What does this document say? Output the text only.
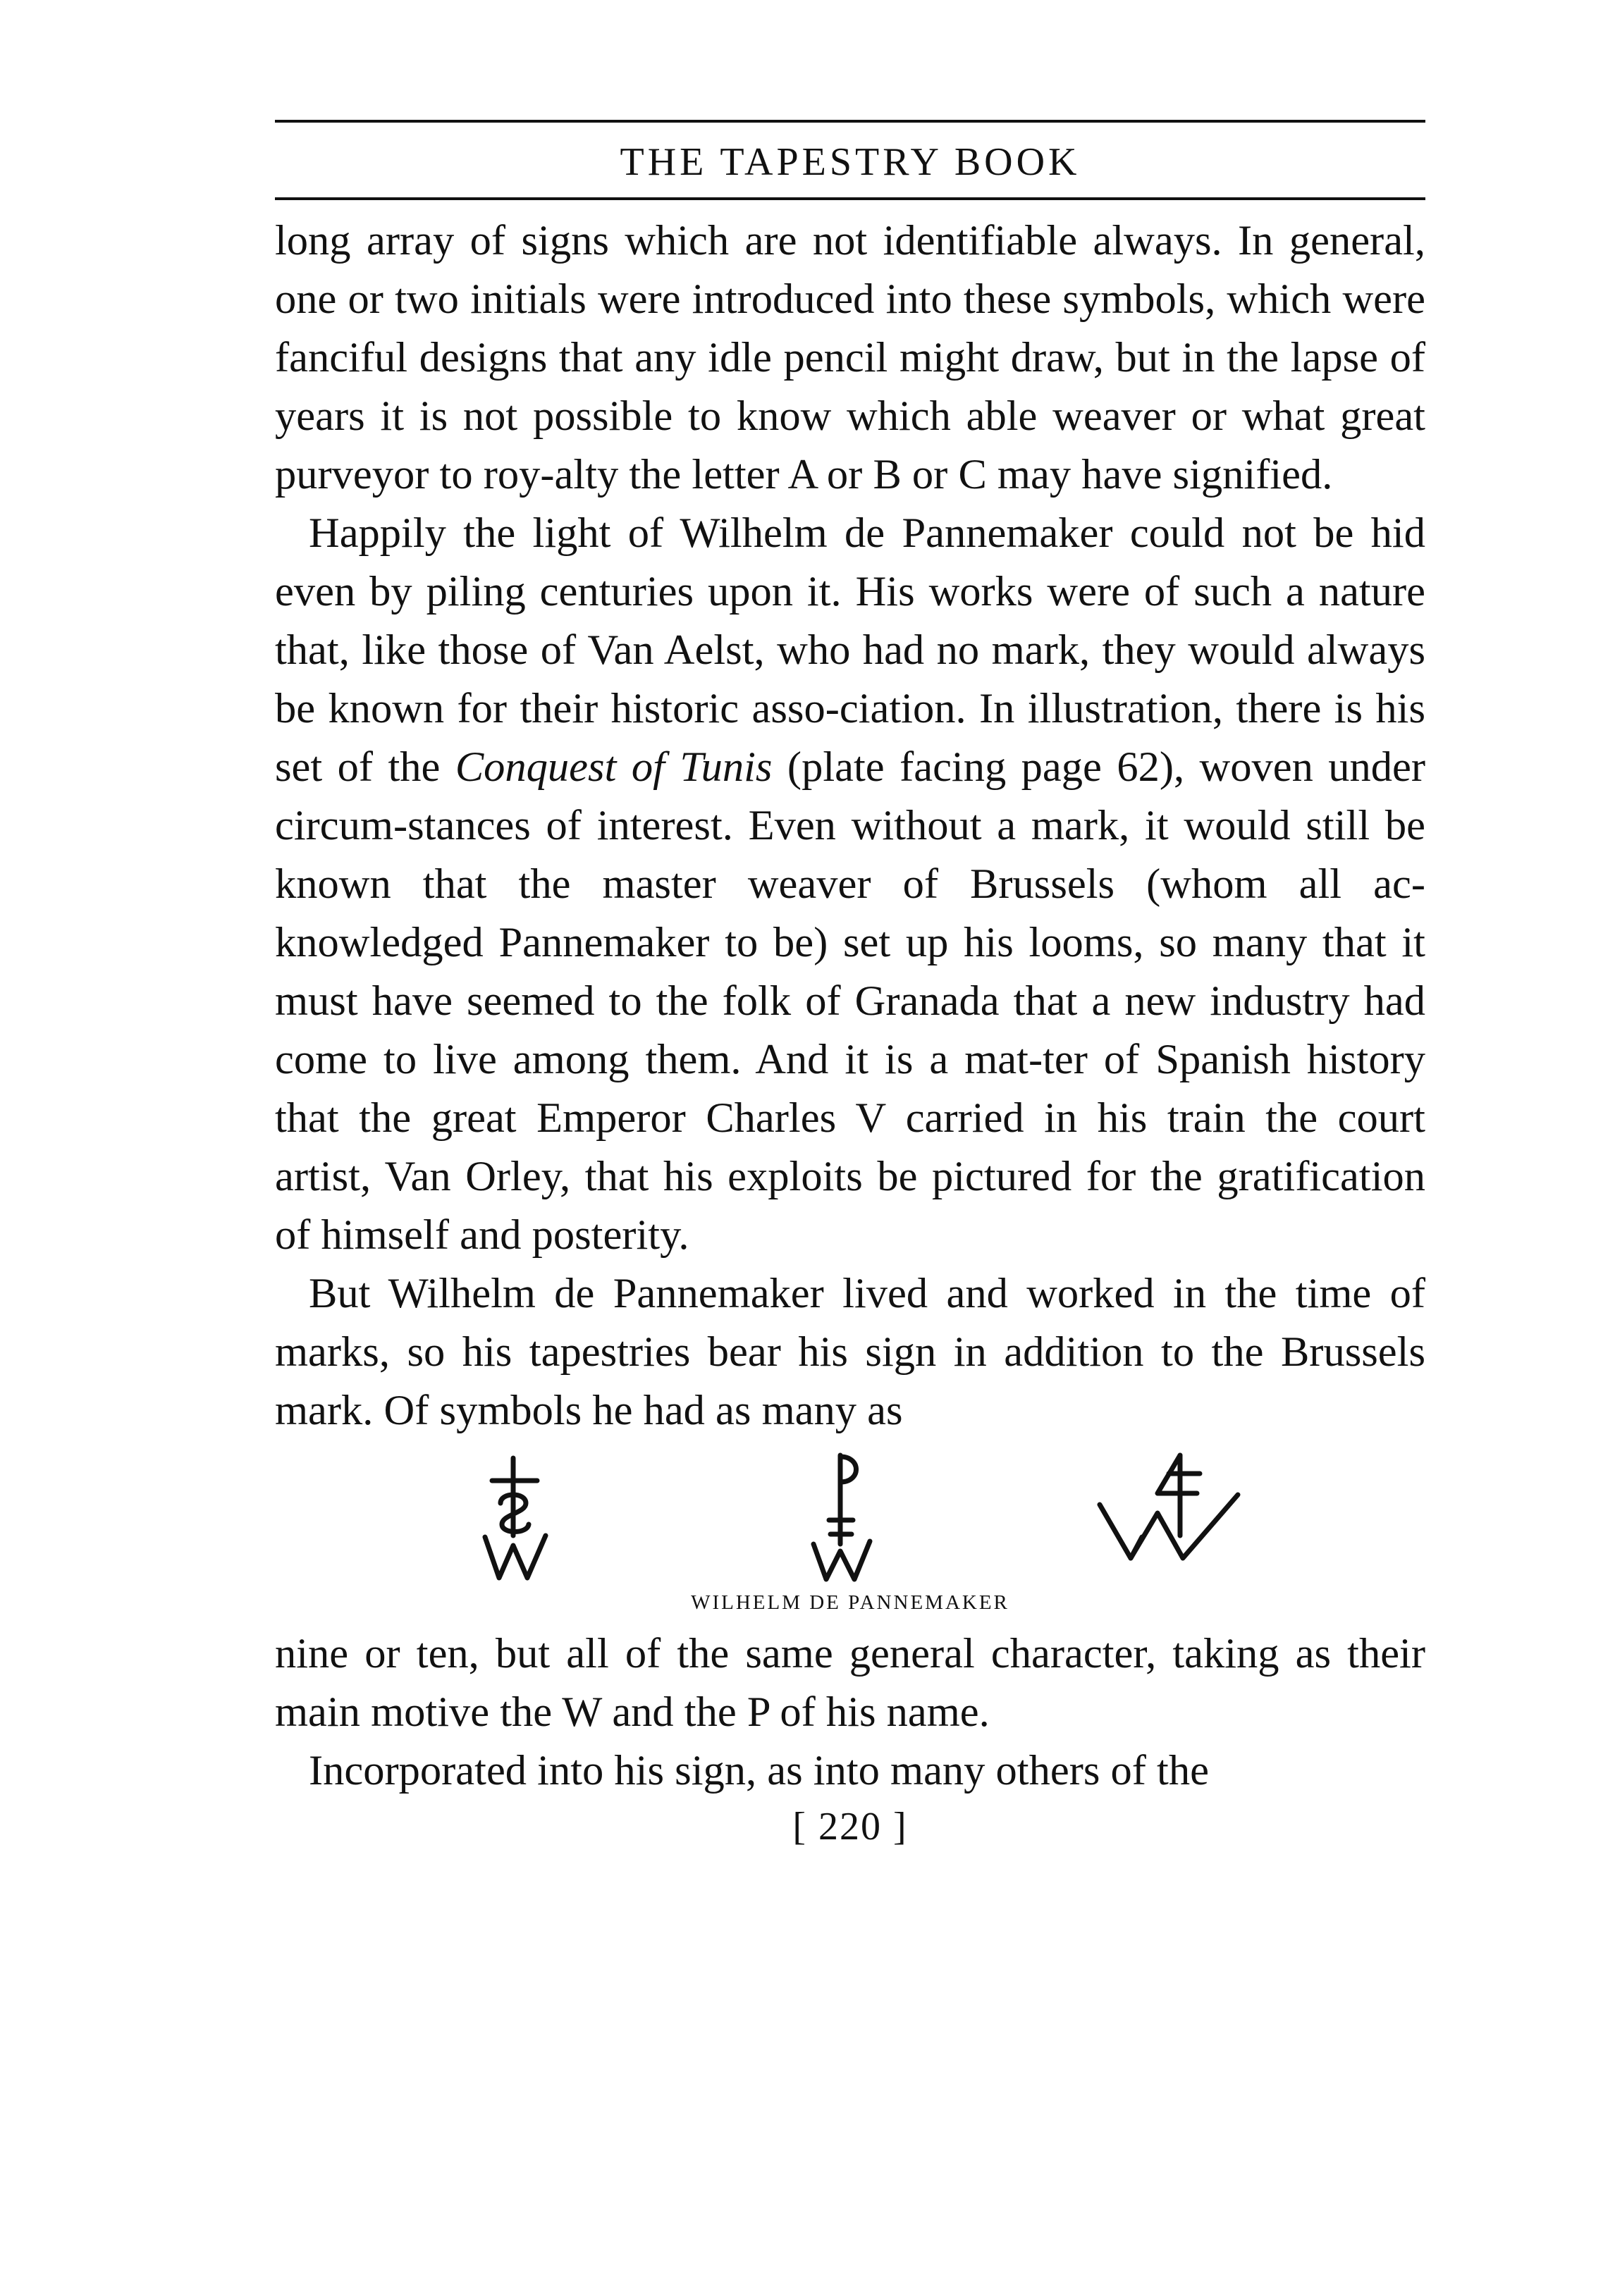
THE TAPESTRY BOOK

long array of signs which are not identifiable always. In general, one or two initials were introduced into these symbols, which were fanciful designs that any idle pencil might draw, but in the lapse of years it is not possible to know which able weaver or what great purveyor to roy-alty the letter A or B or C may have signified.

Happily the light of Wilhelm de Pannemaker could not be hid even by piling centuries upon it. His works were of such a nature that, like those of Van Aelst, who had no mark, they would always be known for their historic asso-ciation. In illustration, there is his set of the Conquest of Tunis (plate facing page 62), woven under circum-stances of interest. Even without a mark, it would still be known that the master weaver of Brussels (whom all ac-knowledged Pannemaker to be) set up his looms, so many that it must have seemed to the folk of Granada that a new industry had come to live among them. And it is a mat-ter of Spanish history that the great Emperor Charles V carried in his train the court artist, Van Orley, that his exploits be pictured for the gratification of himself and posterity.

But Wilhelm de Pannemaker lived and worked in the time of marks, so his tapestries bear his sign in addition to the Brussels mark. Of symbols he had as many as

WILHELM DE PANNEMAKER

nine or ten, but all of the same general character, taking as their main motive the W and the P of his name.

Incorporated into his sign, as into many others of the

[ 220 ]
